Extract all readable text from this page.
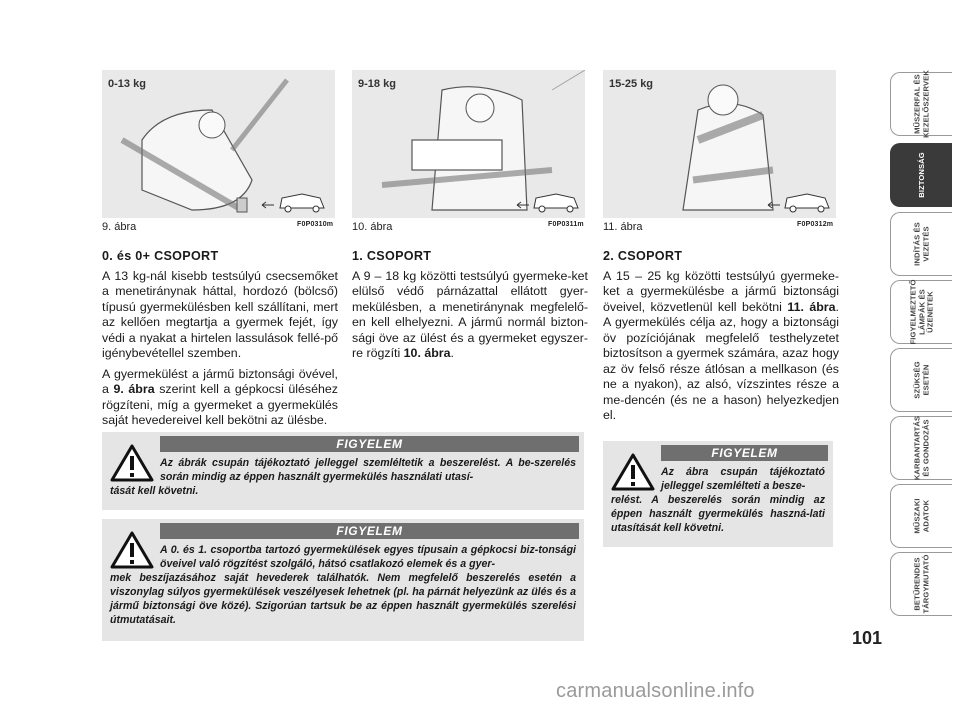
0-13 kg
9. ábra	F0P0310m
9-18 kg
10. ábra	F0P0311m
15-25 kg
11. ábra	F0P0312m
0. és 0+ CSOPORT

A 13 kg-nál kisebb testsúlyú csecsemőket a menetiránynak háttal, hordozó (bölcső) típusú gyermekülésben kell szállítani, mert az kellően megtartja a gyermek fejét, így védi a nyakat a hirtelen lassulások fellé-pő igénybevétellel szemben.

A gyermekülést a jármű biztonsági övével, a 9. ábra szerint kell a gépkocsi üléséhez rögzíteni, míg a gyermeket a gyermekülés saját hevedereivel kell bekötni az ülésbe.

1. CSOPORT

A 9 – 18 kg közötti testsúlyú gyermeke-ket elülső védő párnázattal ellátott gyer-mekülésben, a menetiránynak megfelelő-en kell elhelyezni. A jármű normál bizton-sági öve az ülést és a gyermeket egyszer-re rögzíti 10. ábra.

2. CSOPORT

A 15 – 25 kg közötti testsúlyú gyermeke-ket a gyermekülésbe a jármű biztonsági öveivel, közvetlenül kell bekötni 11. ábra. A gyermekülés célja az, hogy a biztonsági öv pozíciójának megfelelő testhelyzetet biztosítson a gyermek számára, azaz hogy az öv felső része átlósan a mellkason (és ne a nyakon), az alsó, vízszintes része a me-dencén (és ne a hason) helyezkedjen el.

FIGYELEM
Az ábrák csupán tájékoztató jelleggel szemléltetik a beszerelést. A be-szerelés során mindig az éppen használt gyermekülés használati utasí-
tását kell követni.
FIGYELEM
A 0. és 1. csoportba tartozó gyermekülések egyes típusain a gépkocsi biz-tonsági öveivel való rögzítést szolgáló, hátsó csatlakozó elemek és a gyer-
mek beszíjazásához saját hevederek találhatók. Nem megfelelő beszerelés esetén a viszonylag súlyos gyermekülések veszélyesek lehetnek (pl. ha párnát helyezünk az ülés és a jármű biztonsági öve közé). Szigorúan tartsuk be az éppen használt gyermekülés szerelési útmutatásait.
FIGYELEM
Az ábra csupán tájékoztató jelleggel szemlélteti a besze-
relést. A beszerelés során mindig az éppen használt gyermekülés haszná-lati utasítását kell követni.
MŰSZERFAL ÉS
KEZELŐSZERVEK
BIZTONSÁG
INDÍTÁS ÉS
VEZETÉS
FIGYELMEZTETŐ
LÁMPÁK ÉS
ÜZENETEK
SZÜKSÉG
ESETÉN
KARBANTARTÁS
ÉS GONDOZÁS
MŰSZAKI
ADATOK
BETŰRENDES
TÁRGYMUTATÓ
101
carmanualsonline.info
